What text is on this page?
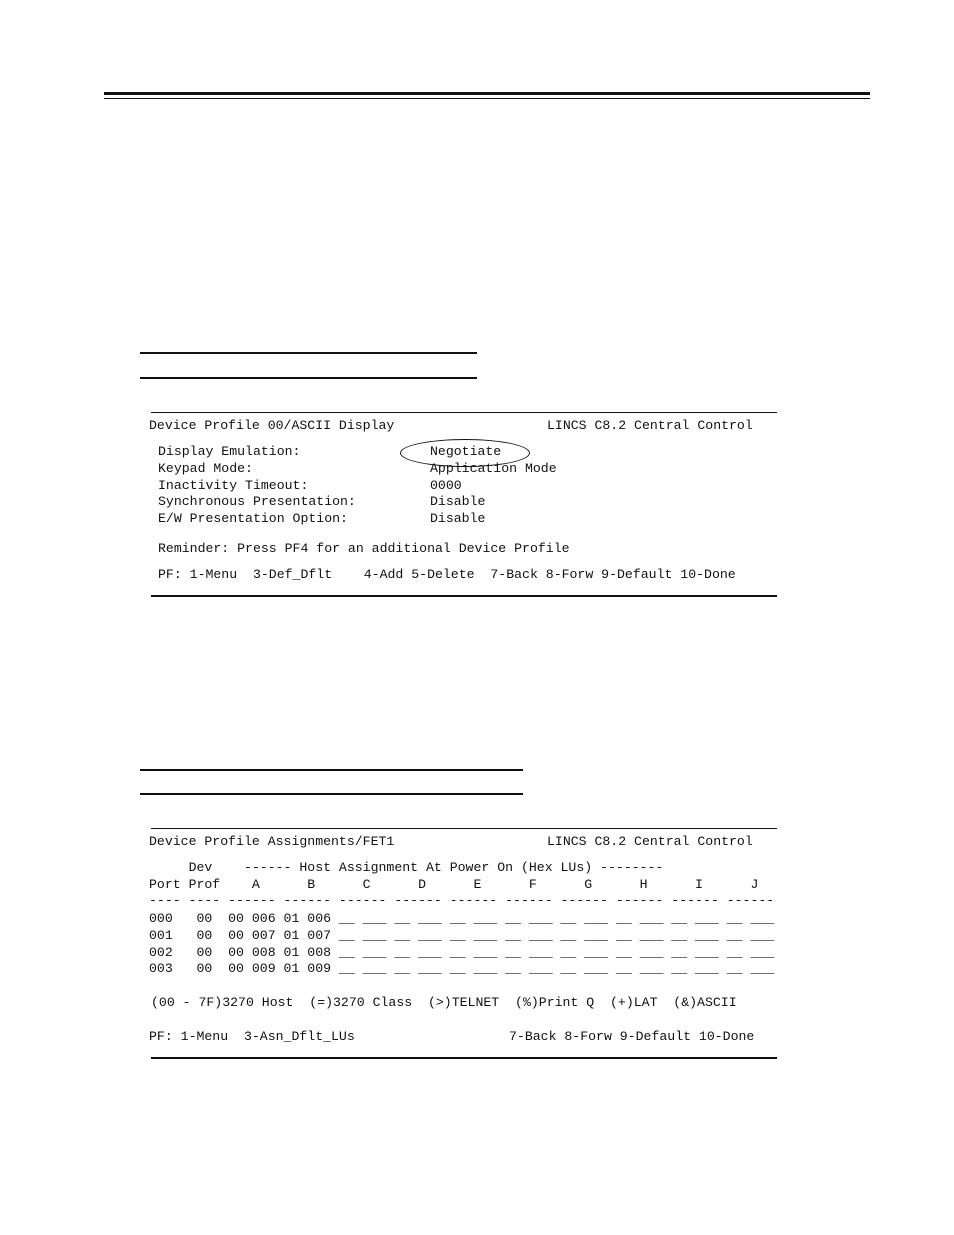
Device Profile 00/ASCII Display	LINCS C8.2 Central Control
Display Emulation:	Negotiate
Keypad Mode:	Application Mode
Inactivity Timeout:	0000
Synchronous Presentation:	Disable
E/W Presentation Option:	Disable
Reminder: Press PF4 for an additional Device Profile
PF: 1-Menu  3-Def_Dflt    4-Add 5-Delete  7-Back 8-Forw 9-Default 10-Done
Device Profile Assignments/FET1	LINCS C8.2 Central Control
Dev    ------ Host Assignment At Power On (Hex LUs) --------
Port Prof    A      B      C      D      E      F      G      H      I      J
---- ---- ------ ------ ------ ------ ------ ------ ------ ------ ------ ------
000   00  00 006 01 006 __ ___ __ ___ __ ___ __ ___ __ ___ __ ___ __ ___ __ ___
001   00  00 007 01 007 __ ___ __ ___ __ ___ __ ___ __ ___ __ ___ __ ___ __ ___
002   00  00 008 01 008 __ ___ __ ___ __ ___ __ ___ __ ___ __ ___ __ ___ __ ___
003   00  00 009 01 009 __ ___ __ ___ __ ___ __ ___ __ ___ __ ___ __ ___ __ ___
(00 - 7F)3270 Host  (=)3270 Class  (>)TELNET  (%)Print Q  (+)LAT  (&)ASCII
PF: 1-Menu  3-Asn_Dflt_LUs	7-Back 8-Forw 9-Default 10-Done
